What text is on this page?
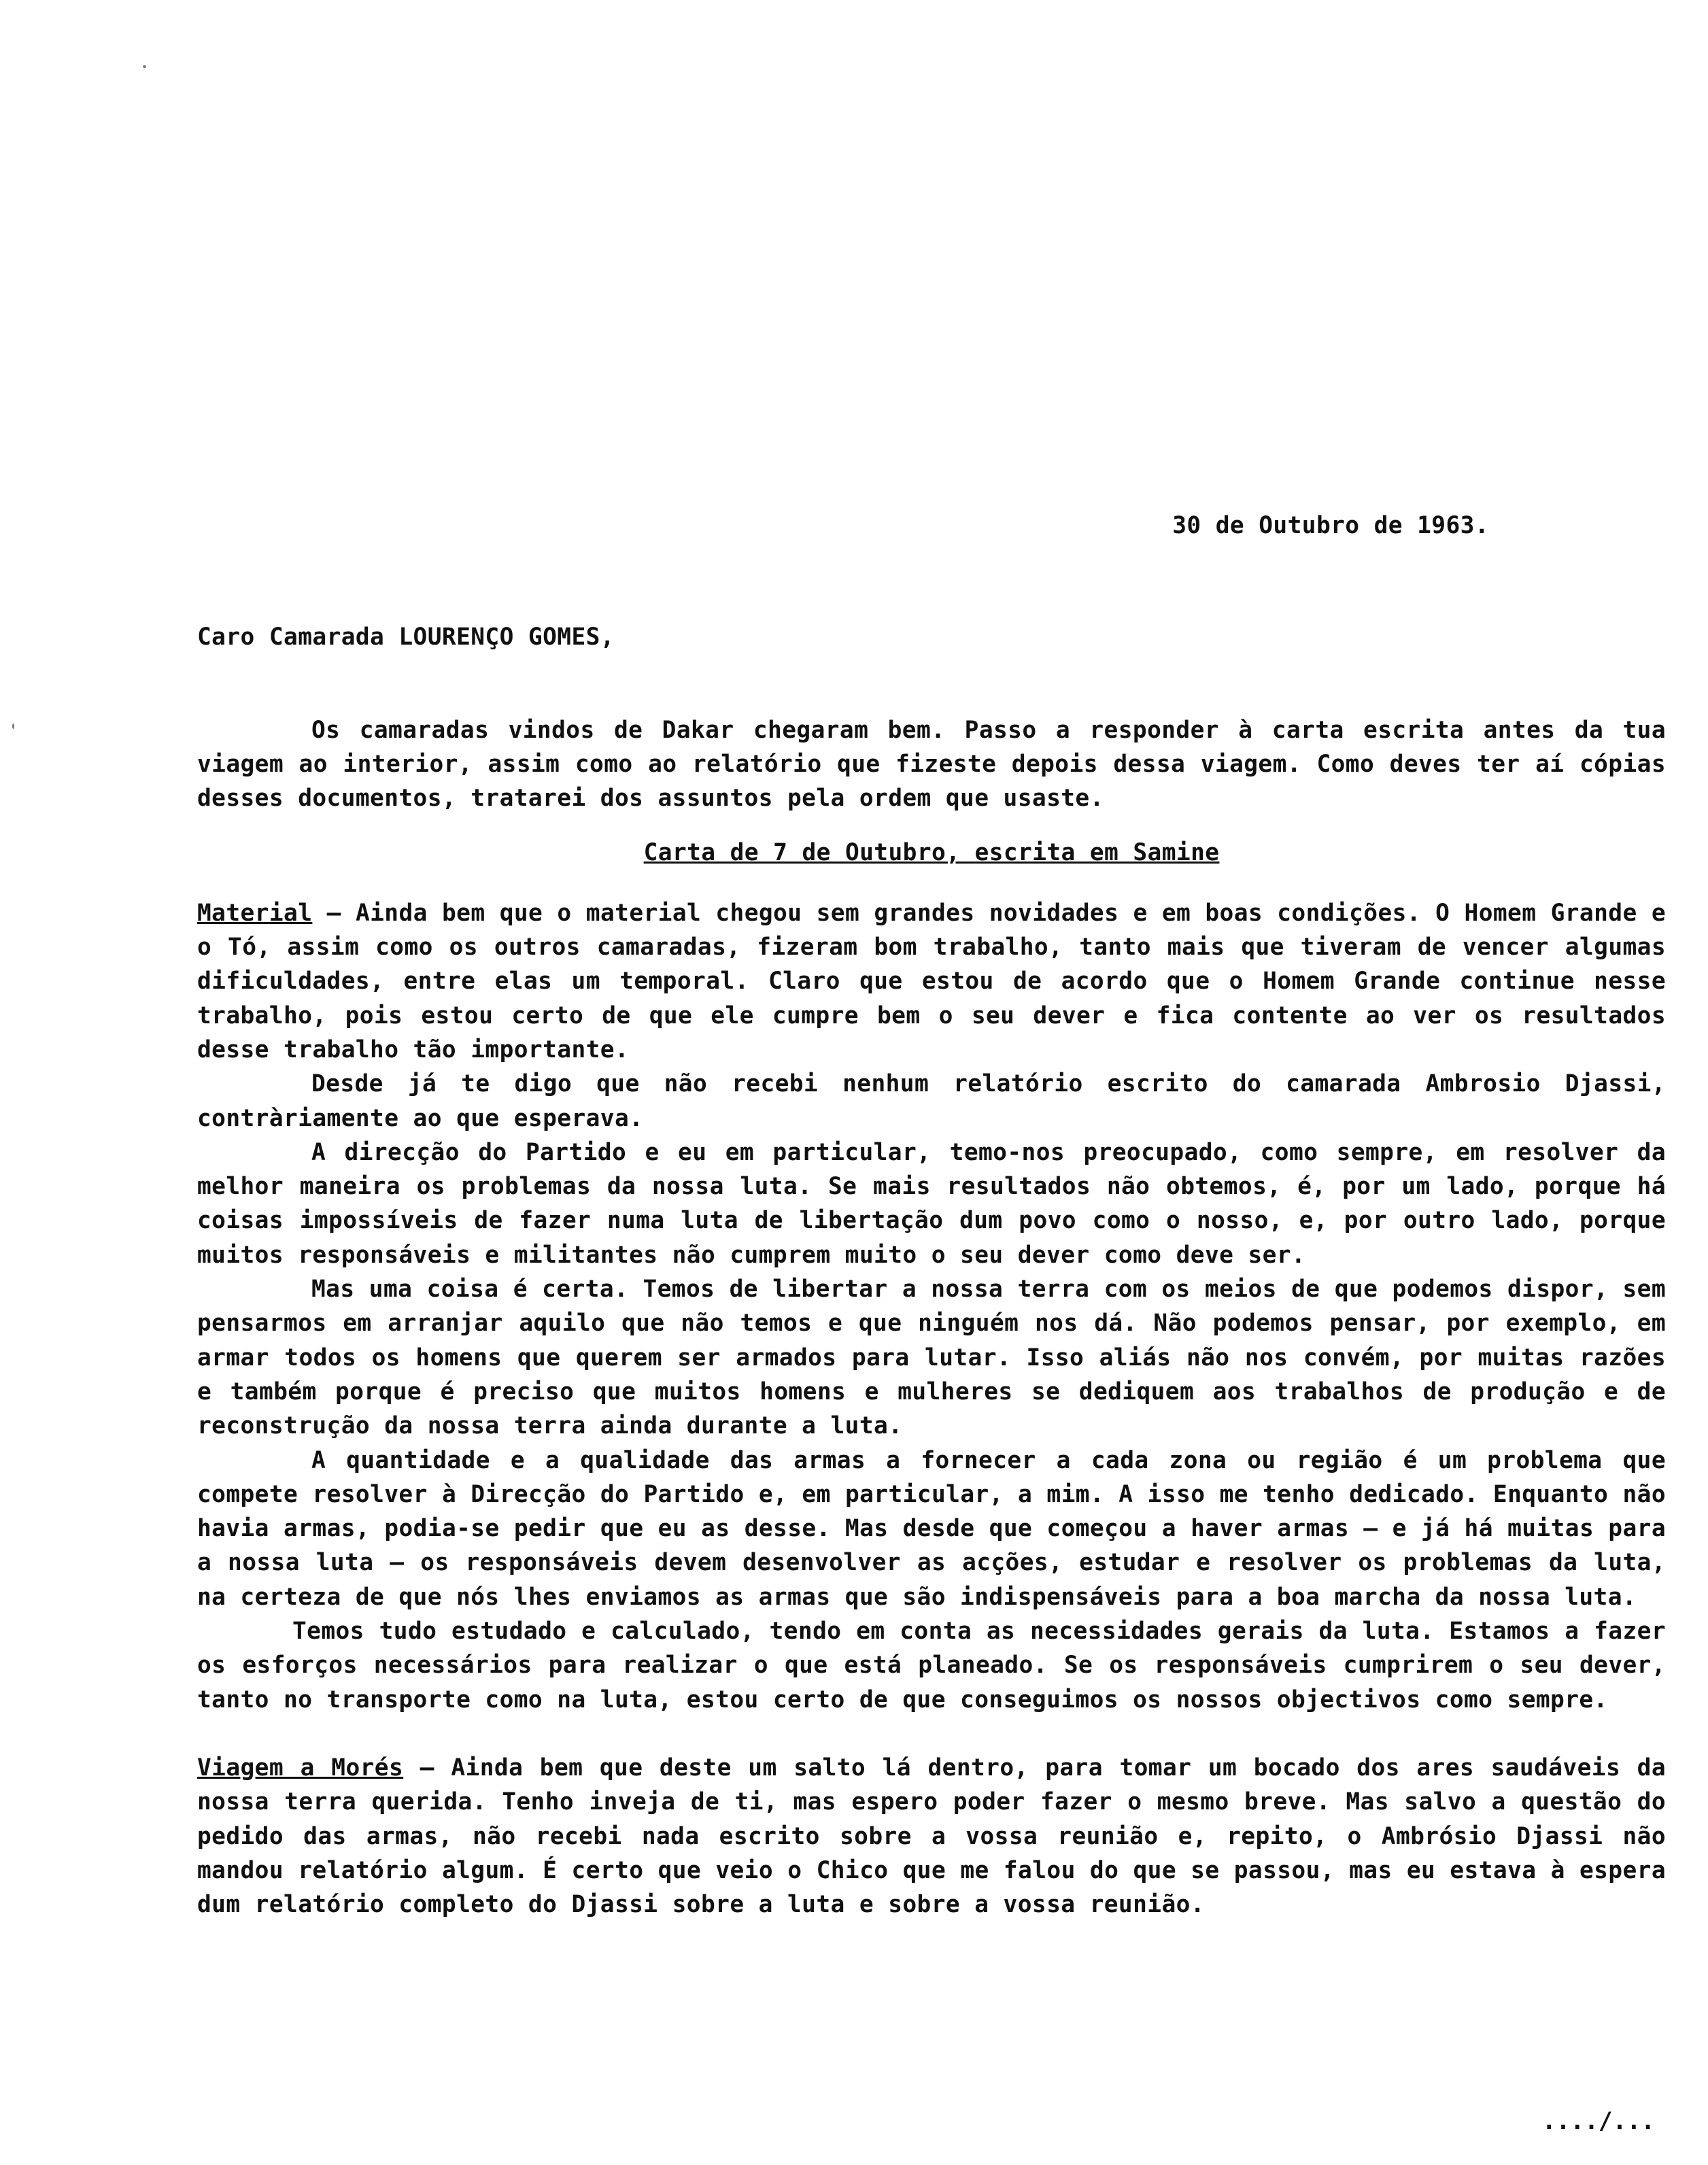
30 de Outubro de 1963.
Caro Camarada LOURENÇO GOMES,

Os camaradas vindos de Dakar chegaram bem. Passo a responder à carta escrita antes da tua viagem ao interior, assim como ao relatório que fizeste depois dessa viagem. Como deves ter aí cópias desses documentos, tratarei dos assuntos pela ordem que usaste.

Carta de 7 de Outubro, escrita em Samine

Material – Ainda bem que o material chegou sem grandes novidades e em boas condições. O Homem Grande e o Tó, assim como os outros camaradas, fizeram bom trabalho, tanto mais que tiveram de vencer algumas dificuldades, entre elas um temporal. Claro que estou de acordo que o Homem Grande continue nesse trabalho, pois estou certo de que ele cumpre bem o seu dever e fica contente ao ver os resultados desse trabalho tão importante.

Desde já te digo que não recebi nenhum relatório escrito do camarada Ambrosio Djassi, contràriamente ao que esperava.

A direcção do Partido e eu em particular, temo-nos preocupado, como sempre, em resolver da melhor maneira os problemas da nossa luta. Se mais resultados não obtemos, é, por um lado, porque há coisas impossíveis de fazer numa luta de libertação dum povo como o nosso, e, por outro lado, porque muitos responsáveis e militantes não cumprem muito o seu dever como deve ser.

Mas uma coisa é certa. Temos de libertar a nossa terra com os meios de que podemos dispor, sem pensarmos em arranjar aquilo que não temos e que ninguém nos dá. Não podemos pensar, por exemplo, em armar todos os homens que querem ser armados para lutar. Isso aliás não nos convém, por muitas razões e também porque é preciso que muitos homens e mulheres se dediquem aos trabalhos de produção e de reconstrução da nossa terra ainda durante a luta.

A quantidade e a qualidade das armas a fornecer a cada zona ou região é um problema que compete resolver à Direcção do Partido e, em particular, a mim. A isso me tenho dedicado. Enquanto não havia armas, podia-se pedir que eu as desse. Mas desde que começou a haver armas – e já há muitas para a nossa luta – os responsáveis devem desenvolver as acções, estudar e resolver os problemas da luta, na certeza de que nós lhes enviamos as armas que são indispensáveis para a boa marcha da nossa luta.

Temos tudo estudado e calculado, tendo em conta as necessidades gerais da luta. Estamos a fazer os esforços necessários para realizar o que está planeado. Se os responsáveis cumprirem o seu dever, tanto no transporte como na luta, estou certo de que conseguimos os nossos objectivos como sempre.

Viagem a Morés – Ainda bem que deste um salto lá dentro, para tomar um bocado dos ares saudáveis da nossa terra querida. Tenho inveja de ti, mas espero poder fazer o mesmo breve. Mas salvo a questão do pedido das armas, não recebi nada escrito sobre a vossa reunião e, repito, o Ambrósio Djassi não mandou relatório algum. É certo que veio o Chico que me falou do que se passou, mas eu estava à espera dum relatório completo do Djassi sobre a luta e sobre a vossa reunião.

..../...
